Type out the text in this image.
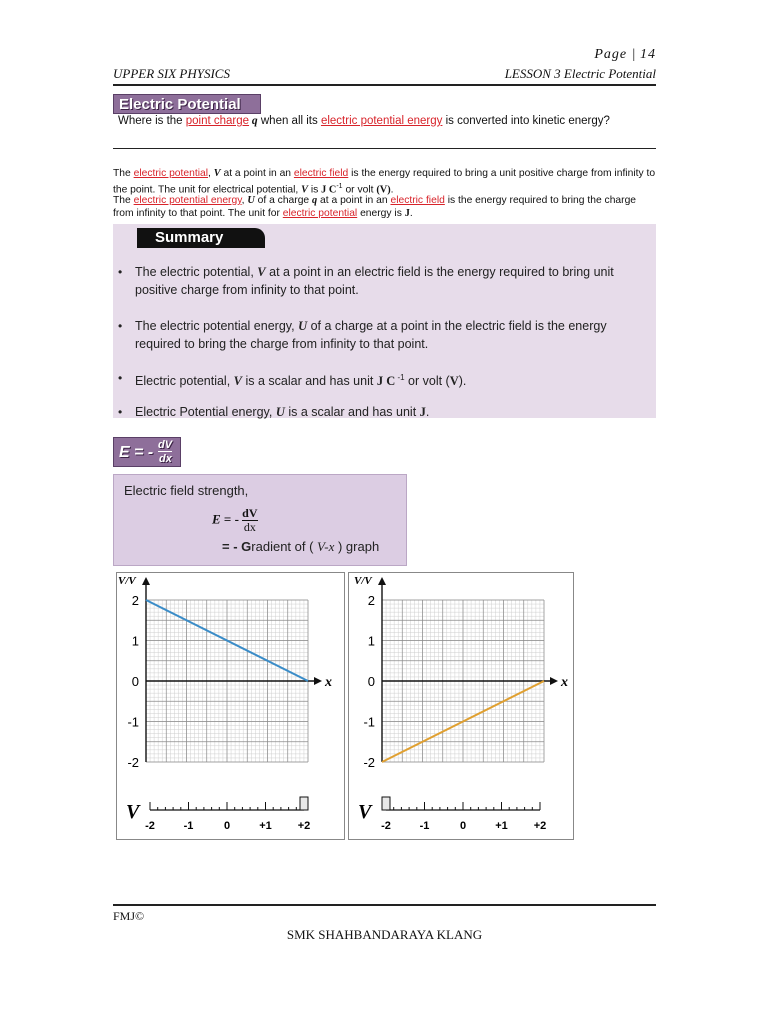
Page | 14
UPPER SIX PHYSICS	LESSON 3 Electric Potential
Electric Potential
Where is the point charge q when all its electric potential energy is converted into kinetic energy?
The electric potential, V at a point in an electric field is the energy required to bring a unit positive charge from infinity to the point. The unit for electrical potential, V is J $C^{-1}$ or volt (V).
The electric potential energy, U of a charge q at a point in an electric field is the energy required to bring the charge from infinity to that point. The unit for electric potential energy is J.
Summary
• The electric potential, V at a point in an electric field is the energy required to bring unit positive charge from infinity to that point.
• The electric potential energy, U of a charge at a point in the electric field is the energy required to bring the charge from infinity to that point.
• Electric potential, V is a scalar and has unit J C $^{-1}$ or volt (V).
• Electric Potential energy, U is a scalar and has unit J.
E = - dV
dx
Electric field strength,
E = - $\frac{dV}{dx}$
= - Gradient of ( V-x ) graph
V/V
x
2
1
0
-1
-2
V
-2	-1	0	+1 +2
V/V
x
2
1
0
-1
-2
V
-2	-1	0	+1 +2
FMJ©
SMK SHAHBANDARAYA KLANG
